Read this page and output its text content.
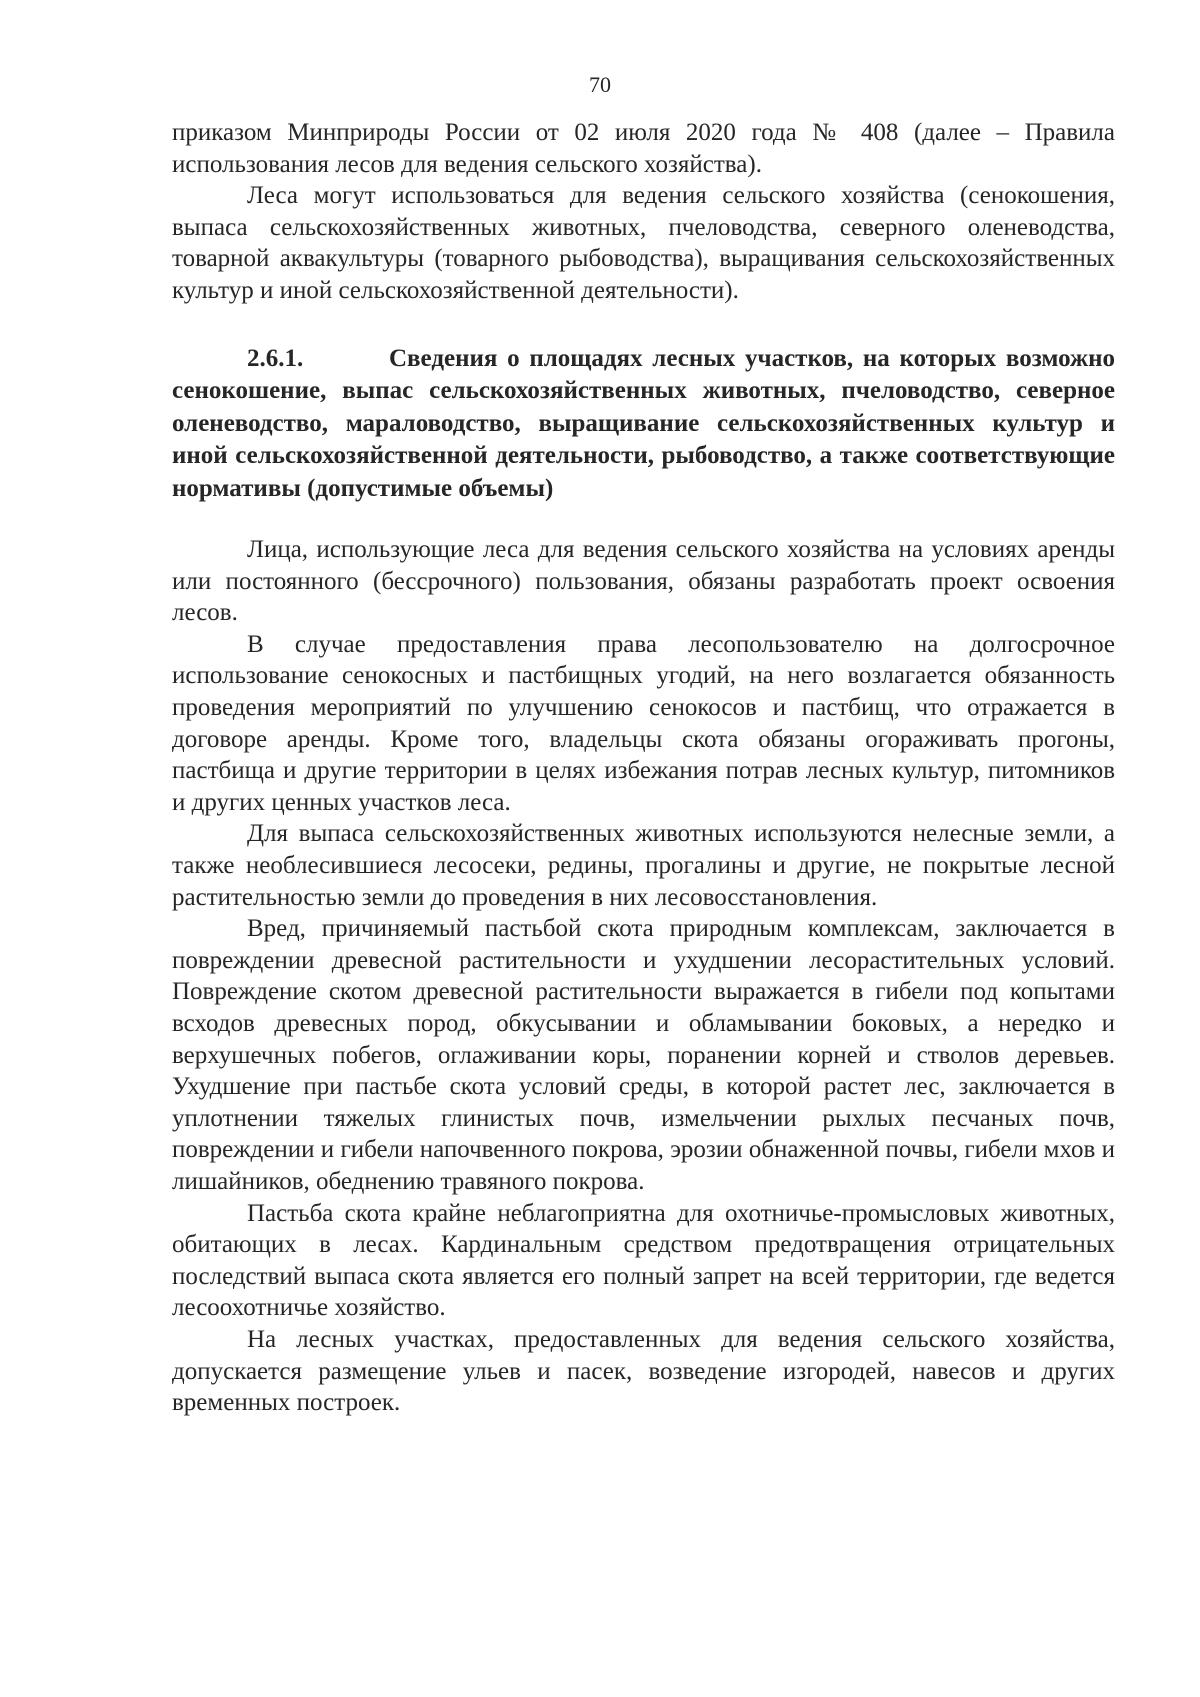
70

приказом Минприроды России от 02 июля 2020 года № 408 (далее – Правила использования лесов для ведения сельского хозяйства).

Леса могут использоваться для ведения сельского хозяйства (сенокошения, выпаса сельскохозяйственных животных, пчеловодства, северного оленеводства, товарной аквакультуры (товарного рыбоводства), выращивания сельскохозяйственных культур и иной сельскохозяйственной деятельности).

2.6.1.	Сведения о площадях лесных участков, на которых возможно сенокошение, выпас сельскохозяйственных животных, пчеловодство, северное оленеводство, мараловодство, выращивание сельскохозяйственных культур и иной сельскохозяйственной деятельности, рыбоводство, а также соответствующие нормативы (допустимые объемы)

Лица, использующие леса для ведения сельского хозяйства на условиях аренды или постоянного (бессрочного) пользования, обязаны разработать проект освоения лесов.

В случае предоставления права лесопользователю на долгосрочное использование сенокосных и пастбищных угодий, на него возлагается обязанность проведения мероприятий по улучшению сенокосов и пастбищ, что отражается в договоре аренды. Кроме того, владельцы скота обязаны огораживать прогоны, пастбища и другие территории в целях избежания потрав лесных культур, питомников и других ценных участков леса.

Для выпаса сельскохозяйственных животных используются нелесные земли, а также необлесившиеся лесосеки, редины, прогалины и другие, не покрытые лесной растительностью земли до проведения в них лесовосстановления.

Вред, причиняемый пастьбой скота природным комплексам, заключается в повреждении древесной растительности и ухудшении лесорастительных условий. Повреждение скотом древесной растительности выражается в гибели под копытами всходов древесных пород, обкусывании и обламывании боковых, а нередко и верхушечных побегов, оглаживании коры, поранении корней и стволов деревьев. Ухудшение при пастьбе скота условий среды, в которой растет лес, заключается в уплотнении тяжелых глинистых почв, измельчении рыхлых песчаных почв, повреждении и гибели напочвенного покрова, эрозии обнаженной почвы, гибели мхов и лишайников, обеднению травяного покрова.

Пастьба скота крайне неблагоприятна для охотничье-промысловых животных, обитающих в лесах. Кардинальным средством предотвращения отрицательных последствий выпаса скота является его полный запрет на всей территории, где ведется лесоохотничье хозяйство.

На лесных участках, предоставленных для ведения сельского хозяйства, допускается размещение ульев и пасек, возведение изгородей, навесов и других временных построек.
